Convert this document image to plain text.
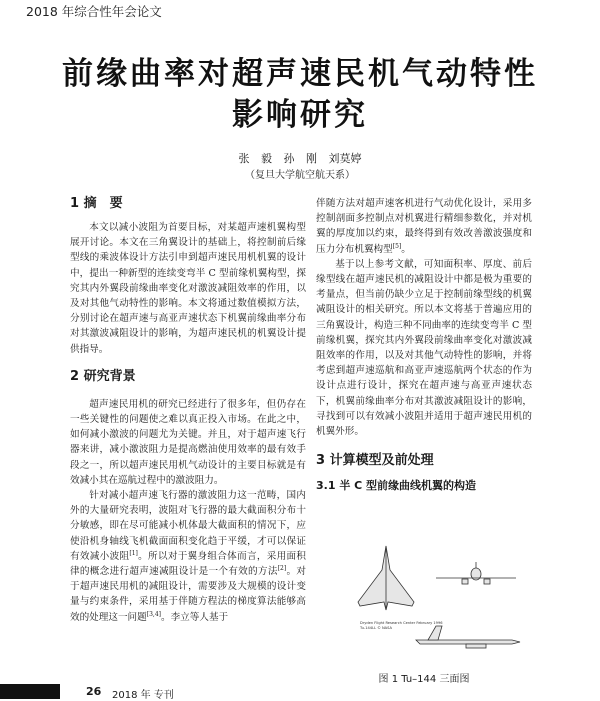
2018 年综合性年会论文
前缘曲率对超声速民机气动特性
影响研究
张 毅 孙 刚 刘莫婷
（复旦大学航空航天系）
1 摘　要

本文以减小波阻为首要目标，对某超声速机翼构型展开讨论。本文在三角翼设计的基础上，将控制前后缘型线的乘波体设计方法引申到超声速民用机机翼的设计中，提出一种新型的连续变弯半 C 型前缘机翼构型，探究其内外翼段前缘曲率变化对激波减阻效率的作用，以及对其他气动特性的影响。本文将通过数值模拟方法，分别讨论在超声速与高亚声速状态下机翼前缘曲率分布对其激波减阻设计的影响，为超声速民机的机翼设计提供指导。

2 研究背景

超声速民用机的研究已经进行了很多年，但仍存在一些关键性的问题使之难以真正投入市场。在此之中，如何减小激波的问题尤为关键。并且，对于超声速飞行器来讲，减小激波阻力是提高燃油使用效率的最有效手段之一，所以超声速民用机气动设计的主要目标就是有效减小其在巡航过程中的激波阻力。

针对减小超声速飞行器的激波阻力这一范畴，国内外的大量研究表明，波阻对飞行器的最大截面积分布十分敏感，即在尽可能减小机体最大截面积的情况下，应使沿机身轴线飞机截面面积变化趋于平缓，才可以保证有效减小波阻[1]。所以对于翼身组合体而言，采用面积律的概念进行超声速减阻设计是一个有效的方法[2]。对于超声速民用机的减阻设计，需要涉及大规模的设计变量与约束条件，采用基于伴随方程法的梯度算法能够高效的处理这一问题[3,4]。李立等人基于

伴随方法对超声速客机进行气动优化设计，采用多控制剖面多控制点对机翼进行精细参数化，并对机翼的厚度加以约束，最终得到有效改善激波强度和压力分布机翼构型[5]。

基于以上参考文献，可知面积率、厚度、前后缘型线在超声速民机的减阻设计中都是极为重要的考量点，但当前仍缺少立足于控制前缘型线的机翼减阻设计的相关研究。所以本文将基于普遍应用的三角翼设计，构造三种不同曲率的连续变弯半 C 型前缘机翼，探究其内外翼段前缘曲率变化对激波减阻效率的作用，以及对其他气动特性的影响，并将考虑到超声速巡航和高亚声速巡航两个状态的作为设计点进行设计，探究在超声速与高亚声速状态下，机翼前缘曲率分布对其激波减阻设计的影响，寻找到可以有效减小波阻并适用于超声速民用机的机翼外形。

3 计算模型及前处理
3.1 半 C 型前缘曲线机翼的构造
Dryden Flight Research Center February 1996
Tu-144LL © NASA
图 1 Tu–144 三面图
26 2018 年 专刊
